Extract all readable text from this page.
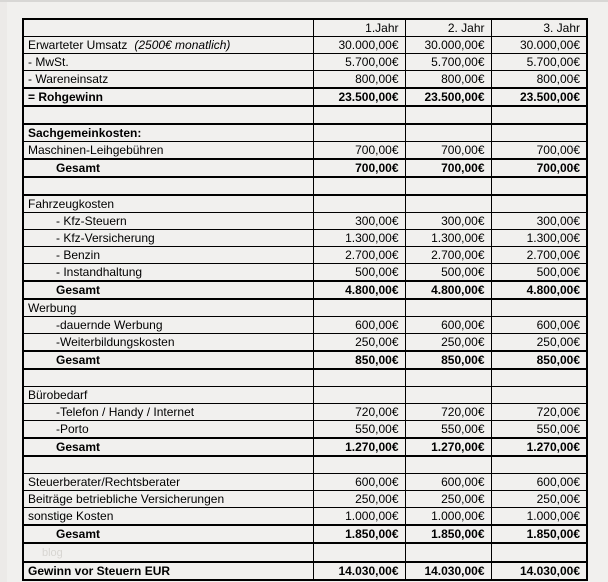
	1.Jahr	2. Jahr	3. Jahr
Erwarteter Umsatz (2500€ monatlich)	30.000,00€	30.000,00€	30.000,00€
- MwSt.	5.700,00€	5.700,00€	5.700,00€
- Wareneinsatz	800,00€	800,00€	800,00€
= Rohgewinn	23.500,00€	23.500,00€	23.500,00€

Sachgemeinkosten:			
Maschinen-Leihgebühren	700,00€	700,00€	700,00€
Gesamt	700,00€	700,00€	700,00€

Fahrzeugkosten			
- Kfz-Steuern	300,00€	300,00€	300,00€
- Kfz-Versicherung	1.300,00€	1.300,00€	1.300,00€
- Benzin	2.700,00€	2.700,00€	2.700,00€
- Instandhaltung	500,00€	500,00€	500,00€
Gesamt	4.800,00€	4.800,00€	4.800,00€
Werbung			
-dauernde Werbung	600,00€	600,00€	600,00€
-Weiterbildungskosten	250,00€	250,00€	250,00€
Gesamt	850,00€	850,00€	850,00€

Bürobedarf			
-Telefon / Handy / Internet	720,00€	720,00€	720,00€
-Porto	550,00€	550,00€	550,00€
Gesamt	1.270,00€	1.270,00€	1.270,00€

Steuerberater/Rechtsberater	600,00€	600,00€	600,00€
Beiträge betriebliche Versicherungen	250,00€	250,00€	250,00€
sonstige Kosten	1.000,00€	1.000,00€	1.000,00€
Gesamt	1.850,00€	1.850,00€	1.850,00€
blog			
Gewinn vor Steuern EUR	14.030,00€	14.030,00€	14.030,00€
